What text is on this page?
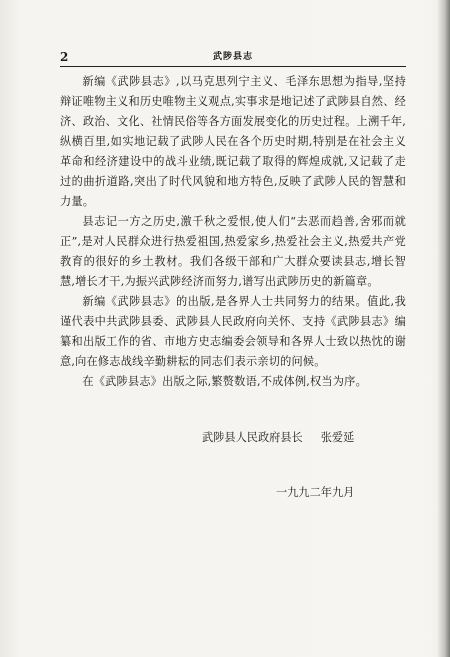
2	武陟县志

新编《武陟县志》,以马克思列宁主义、毛泽东思想为指导,坚持辩证唯物主义和历史唯物主义观点,实事求是地记述了武陟县自然、经济、政治、文化、社情民俗等各方面发展变化的历史过程。上溯千年,纵横百里,如实地记载了武陟人民在各个历史时期,特别是在社会主义革命和经济建设中的战斗业绩,既记载了取得的辉煌成就,又记载了走过的曲折道路,突出了时代风貌和地方特色,反映了武陟人民的智慧和力量。

县志记一方之历史,激千秋之爱恨,使人们“去恶而趋善,舍邪而就正”,是对人民群众进行热爱祖国,热爱家乡,热爱社会主义,热爱共产党教育的很好的乡土教材。我们各级干部和广大群众要读县志,增长智慧,增长才干,为振兴武陟经济而努力,谱写出武陟历史的新篇章。

新编《武陟县志》的出版,是各界人士共同努力的结果。值此,我谨代表中共武陟县委、武陟县人民政府向关怀、支持《武陟县志》编纂和出版工作的省、市地方史志编委会领导和各界人士致以热忱的谢意,向在修志战线辛勤耕耘的同志们表示亲切的问候。

在《武陟县志》出版之际,繁赘数语,不成体例,权当为序。

武陟县人民政府县长 张爱延
一九九二年九月
